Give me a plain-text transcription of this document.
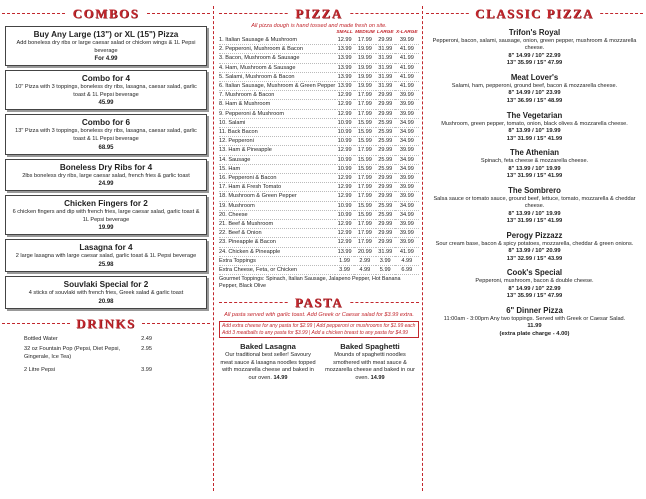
COMBOS
Buy Any Large (13") or XL (15") Pizza
Add boneless dry ribs or large caesar salad or chicken wings & 1L Pepsi beverage
For 4.99
Combo for 4
10" Pizza with 3 toppings, boneless dry ribs, lasagna, caesar salad, garlic toast & 1L Pepsi beverage
45.99
Combo for 6
13" Pizza with 3 toppings, boneless dry ribs, lasagna, caesar salad, garlic toast & 1L Pepsi beverage
68.95
Boneless Dry Ribs for 4
2lbs boneless dry ribs, large caesar salad, french fries & garlic toast
24.99
Chicken Fingers for 2
6 chicken fingers and dip with french fries, large caesar salad, garlic toast & 1L Pepsi beverage
19.99
Lasagna for 4
2 large lasagna with large caesar salad, garlic toast & 1L Pepsi beverage
25.98
Souvlaki Special for 2
4 sticks of souvlaki with french fries, Greek salad & garlic toast
20.98
DRINKS
Bottled Water	2.49
32 oz Fountain Pop (Pepsi, Diet Pepsi,	2.95
Gingerale, Ice Tea)
2 Litre Pepsi	3.99
PIZZA
All pizza dough is hand tossed and made fresh on site.
	SMALL	MEDIUM	LARGE	X-LARGE
1. Italian Sausage & Mushroom	12.99	17.99	29.99	39.99
2. Pepperoni, Mushroom & Bacon	13.99	19.99	31.99	41.99
3. Bacon, Mushroom & Sausage	13.99	19.99	31.99	41.99
4. Ham, Mushroom & Sausage	13.99	19.99	31.99	41.99
5. Salami, Mushroom & Bacon	13.99	19.99	31.99	41.99
6. Italian Sausage, Mushroom & Green Pepper	13.99	19.99	31.99	41.99
7. Mushroom & Bacon	12.99	17.99	29.99	39.99
8. Ham & Mushroom	12.99	17.99	29.99	39.99
9. Pepperoni & Mushroom	12.99	17.99	29.99	39.99
10. Salami	10.99	15.99	25.99	34.99
11. Back Bacon	10.99	15.99	25.99	34.99
12. Pepperoni	10.99	15.99	25.99	34.99
13. Ham & Pineapple	12.99	17.99	29.99	39.99
14. Sausage	10.99	15.99	25.99	34.99
15. Ham	10.99	15.99	25.99	34.99
16. Pepperoni & Bacon	12.99	17.99	29.99	39.99
17. Ham & Fresh Tomato	12.99	17.99	29.99	39.99
18. Mushroom & Green Pepper	12.99	17.99	29.99	39.99
19. Mushroom	10.99	15.99	25.99	34.99
20. Cheese	10.99	15.99	25.99	34.99
21. Beef & Mushroom	12.99	17.99	29.99	39.99
22. Beef & Onion	12.99	17.99	29.99	39.99
23. Pineapple & Bacon	12.99	17.99	29.99	39.99
24. Chicken & Pineapple	13.99	20.99	31.99	41.99
Extra Toppings	1.99	2.99	3.99	4.99
Extra Cheese, Feta, or Chicken	3.99	4.99	5.99	6.99
Gourmet Toppings: Spinach, Italian Sausage, Jalapeno Pepper, Hot Banana Pepper, Black Olive
PASTA
All pasta served with garlic toast. Add Greek or Caesar salad for $3.99 extra.
Add extra cheese for any pasta for $2.99 | Add pepperoni or mushrooms for $1.99 each
Add 3 meatballs to any pasta for $3.99 | Add a chicken breast to any pasta for $4.99
Baked Lasagna
Our traditional best seller! Savoury meat sauce & lasagna noodles topped with mozzarella cheese and baked in our oven. 14.99
Baked Spaghetti
Mounds of spaghetti noodles smothered with meat sauce & mozzarella cheese and baked in our oven. 14.99
CLASSIC PIZZA
Trifon's Royal
Pepperoni, bacon, salami, sausage, onion, green pepper, mushroom & mozzarella cheese.
8" 14.99 / 10" 22.99
13" 35.99 / 15" 47.99
Meat Lover's
Salami, ham, pepperoni, ground beef, bacon & mozzarella cheese.
8" 14.99 / 10" 23.99
13" 36.99 / 15" 48.99
The Vegetarian
Mushroom, green pepper, tomato, onion, black olives & mozzarella cheese.
8" 13.99 / 10" 19.99
13" 31.99 / 15" 41.99
The Athenian
Spinach, feta cheese & mozzarella cheese.
8" 13.99 / 10" 19.99
13" 31.99 / 15" 41.99
The Sombrero
Salsa sauce or tomato sauce, ground beef, lettuce, tomato, mozzarella & cheddar cheese.
8" 13.99 / 10" 19.99
13" 31.99 / 15" 41.99
Perogy Pizzazz
Sour cream base, bacon & spicy potatoes, mozzarella, cheddar & green onions.
8" 13.99 / 10" 20.99
13" 32.99 / 15" 43.99
Cook's Special
Pepperoni, mushroom, bacon & double cheese.
8" 14.99 / 10" 22.99
13" 35.99 / 15" 47.99
6" Dinner Pizza
11:00am - 3:00pm Any two toppings. Served with Greek or Caesar Salad.
11.99
(extra plate charge - 4.00)
